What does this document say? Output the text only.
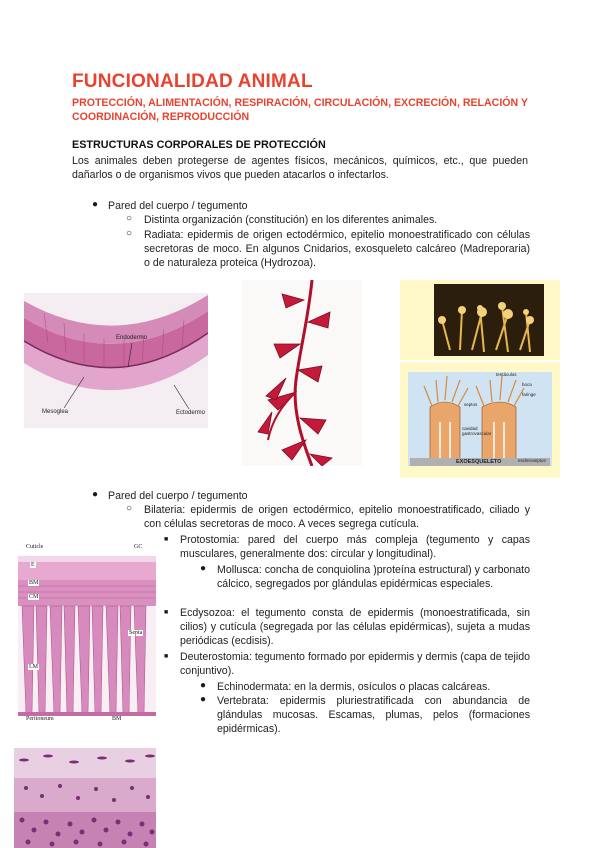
FUNCIONALIDAD ANIMAL
PROTECCIÓN, ALIMENTACIÓN, RESPIRACIÓN, CIRCULACIÓN, EXCRECIÓN, RELACIÓN Y COORDINACIÓN, REPRODUCCIÓN
ESTRUCTURAS CORPORALES DE PROTECCIÓN
Los animales deben protegerse de agentes físicos, mecánicos, químicos, etc., que pueden dañarlos o de organismos vivos que pueden atacarlos o infectarlos.
● Pared del cuerpo / tegumento
○ Distinta organización (constitución) en los diferentes animales.
○ Radiata: epidermis de origen ectodérmico, epitelio monoestratificado con células secretoras de moco. En algunos Cnidarios, exosqueleto calcáreo (Madreporaria) o de naturaleza proteica (Hydrozoa).
Endodermo
Mesoglea	Ectodermo
tentáculos
boca
faringe
septos
cavidad gastrovascular
EXOESQUELETO	escleroseptos
● Pared del cuerpo / tegumento
○ Bilateria: epidermis de origen ectodérmico, epitelio monoestratificado, ciliado y con células secretoras de moco. A veces segrega cutícula.
■ Protostomia: pared del cuerpo más compleja (tegumento y capas musculares, generalmente dos: circular y longitudinal).
● Mollusca: concha de conquiolina )proteína estructural) y carbonato cálcico, segregados por glándulas epidérmicas especiales.
■ Ecdysozoa: el tegumento consta de epidermis (monoestratificada, sin cilios) y cutícula (segregada por las células epidérmicas), sujeta a mudas periódicas (ecdisis).
■ Deuterostomia: tegumento formado por epidermis y dermis (capa de tejido conjuntivo).
● Echinodermata: en la dermis, osículos o placas calcáreas.
● Vertebrata: epidermis pluriestratificada con abundancia de glándulas mucosas. Escamas, plumas, pelos (formaciones epidérmicas).
Cuticle	GC
E
BM
CM
Septa
LM
Peritoneum	BM
